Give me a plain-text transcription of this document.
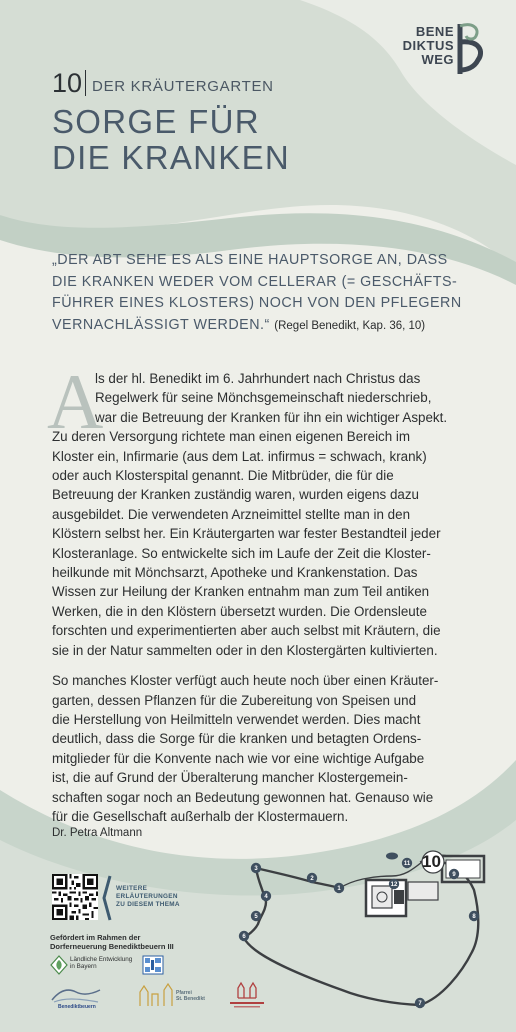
BENE
DIKTUS
WEG
10 DER KRÄUTERGARTEN
SORGE FÜR
DIE KRANKEN
„DER ABT SEHE ES ALS EINE HAUPTSORGE AN, DASS
DIE KRANKEN WEDER VOM CELLERAR (= GESCHÄFTS-
FÜHRER EINES KLOSTERS) NOCH VON DEN PFLEGERN
VERNACHLÄSSIGT WERDEN.“ (Regel Benedikt, Kap. 36, 10)
A
ls der hl. Benedikt im 6. Jahrhundert nach Christus das
Regelwerk für seine Mönchsgemeinschaft niederschrieb,
war die Betreuung der Kranken für ihn ein wichtiger Aspekt.
Zu deren Versorgung richtete man einen eigenen Bereich im
Kloster ein, Infirmarie (aus dem Lat. infirmus = schwach, krank)
oder auch Klosterspital genannt. Die Mitbrüder, die für die
Betreuung der Kranken zuständig waren, wurden eigens dazu
ausgebildet. Die verwendeten Arzneimittel stellte man in den
Klöstern selbst her. Ein Kräutergarten war fester Bestandteil jeder
Klosteranlage. So entwickelte sich im Laufe der Zeit die Kloster-
heilkunde mit Mönchsarzt, Apotheke und Krankenstation. Das
Wissen zur Heilung der Kranken entnahm man zum Teil antiken
Werken, die in den Klöstern übersetzt wurden. Die Ordensleute
forschten und experimentierten aber auch selbst mit Kräutern, die
sie in der Natur sammelten oder in den Klostergärten kultivierten.
So manches Kloster verfügt auch heute noch über einen Kräuter-
garten, dessen Pflanzen für die Zubereitung von Speisen und
die Herstellung von Heilmitteln verwendet werden. Dies macht
deutlich, dass die Sorge für die kranken und betagten Ordens-
mitglieder für die Konvente nach wie vor eine wichtige Aufgabe
ist, die auf Grund der Überalterung mancher Klostergemein-
schaften sogar noch an Bedeutung gewonnen hat. Genauso wie
für die Gesellschaft außerhalb der Klostermauern.
Dr. Petra Altmann
WEITERE
ERLÄUTERUNGEN
ZU DIESEM THEMA
Gefördert im Rahmen der
Dorferneuerung Benediktbeuern III
Ländliche Entwicklung
in Bayern
Benediktbeuern
Pfarrei
St. Benedikt
1
2
3
4
5
6
7
8
9
11
12
10
